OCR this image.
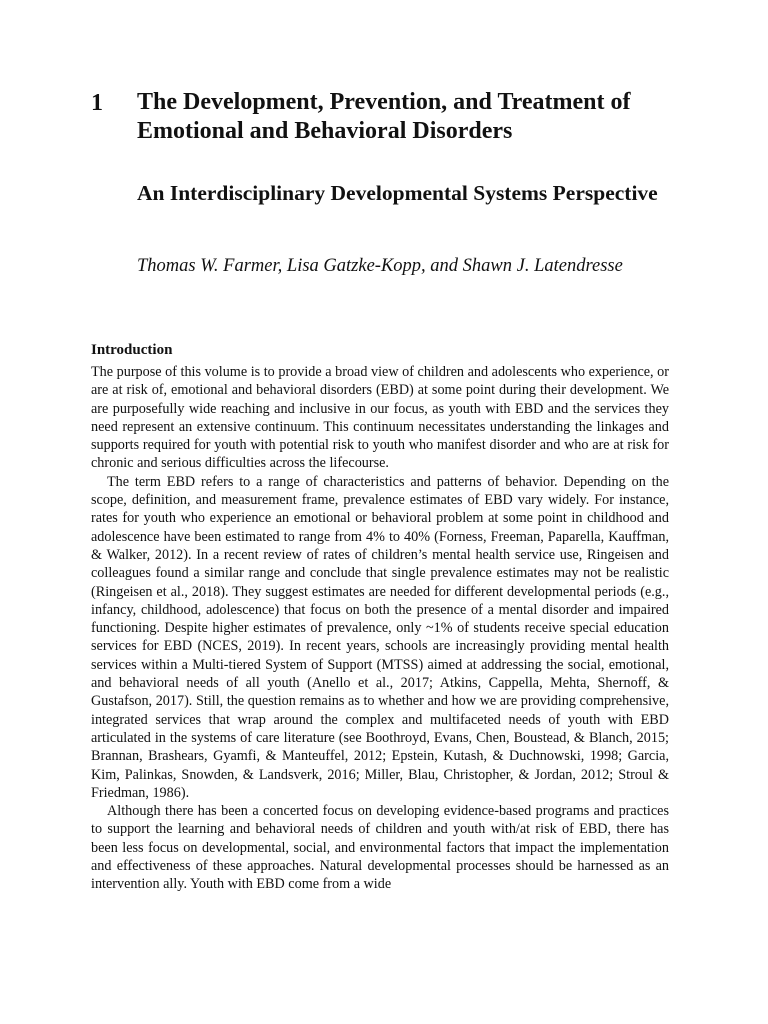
1 The Development, Prevention, and Treatment of Emotional and Behavioral Disorders
An Interdisciplinary Developmental Systems Perspective
Thomas W. Farmer, Lisa Gatzke-Kopp, and Shawn J. Latendresse
Introduction

The purpose of this volume is to provide a broad view of children and adolescents who experience, or are at risk of, emotional and behavioral disorders (EBD) at some point during their development. We are purposefully wide reaching and inclusive in our focus, as youth with EBD and the services they need represent an extensive continuum. This continuum necessitates understanding the linkages and supports required for youth with potential risk to youth who manifest disorder and who are at risk for chronic and serious difficulties across the lifecourse.

The term EBD refers to a range of characteristics and patterns of behavior. Depending on the scope, definition, and measurement frame, prevalence estimates of EBD vary widely. For instance, rates for youth who experience an emotional or behavioral problem at some point in childhood and adolescence have been estimated to range from 4% to 40% (Forness, Freeman, Paparella, Kauffman, & Walker, 2012). In a recent review of rates of children’s mental health service use, Ringeisen and colleagues found a similar range and conclude that single prevalence estimates may not be realistic (Ringeisen et al., 2018). They suggest estimates are needed for different developmental periods (e.g., infancy, childhood, adolescence) that focus on both the presence of a mental disorder and impaired functioning. Despite higher estimates of prevalence, only ~1% of students receive special education services for EBD (NCES, 2019). In recent years, schools are increasingly providing mental health services within a Multi-tiered System of Support (MTSS) aimed at addressing the social, emotional, and behavioral needs of all youth (Anello et al., 2017; Atkins, Cappella, Mehta, Shernoff, & Gustafson, 2017). Still, the question remains as to whether and how we are providing comprehensive, integrated services that wrap around the complex and multifaceted needs of youth with EBD articulated in the systems of care literature (see Boothroyd, Evans, Chen, Boustead, & Blanch, 2015; Brannan, Brashears, Gyamfi, & Manteuffel, 2012; Epstein, Kutash, & Duchnowski, 1998; Garcia, Kim, Palinkas, Snowden, & Landsverk, 2016; Miller, Blau, Christopher, & Jordan, 2012; Stroul & Friedman, 1986).

Although there has been a concerted focus on developing evidence-based programs and practices to support the learning and behavioral needs of children and youth with/at risk of EBD, there has been less focus on developmental, social, and environmental factors that impact the implementation and effectiveness of these approaches. Natural developmental processes should be harnessed as an intervention ally. Youth with EBD come from a wide
